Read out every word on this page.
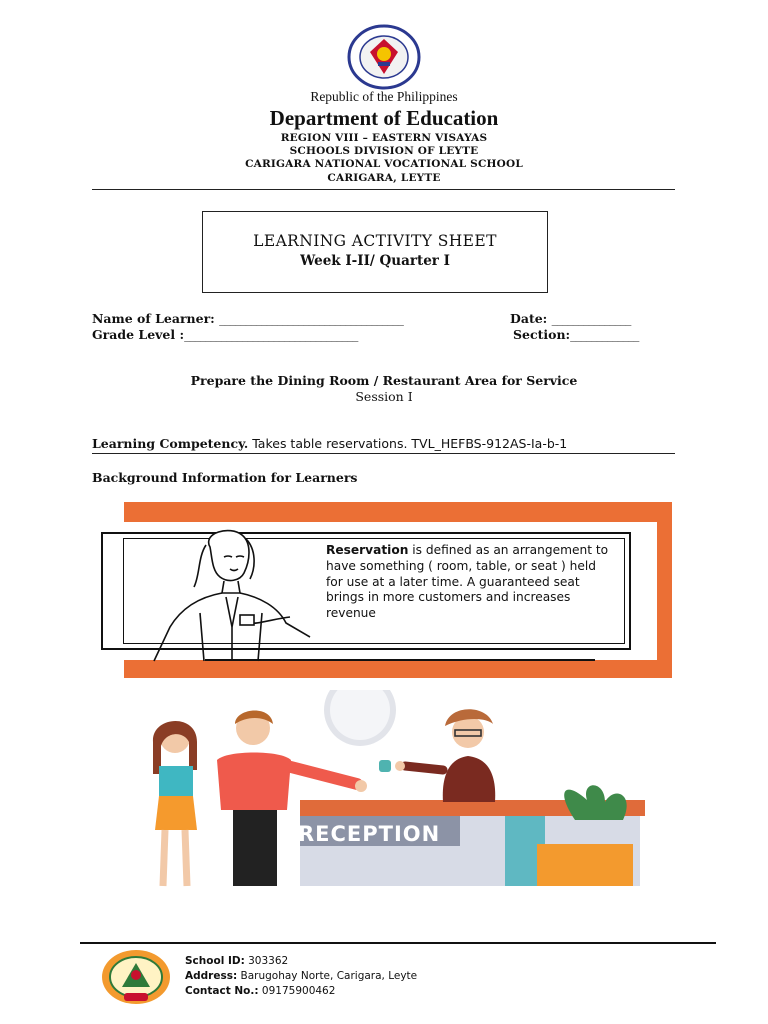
Republic of the Philippines
Department of Education
REGION VIII – EASTERN VISAYAS
SCHOOLS DIVISION OF LEYTE
CARIGARA NATIONAL VOCATIONAL SCHOOL
CARIGARA, LEYTE
LEARNING ACTIVITY SHEET
Week I-II/ Quarter I
Name of Learner: ___________________________________	Date: _______________
Grade Level :_________________________________	Section:_____________
Prepare the Dining Room / Restaurant Area for Service
Session I
Learning Competency. Takes table reservations. TVL_HEFBS-912AS-Ia-b-1
Background Information for Learners
Reservation is defined as an arrangement to have something ( room, table, or seat ) held for use at a later time. A guaranteed seat brings in more customers and increases revenue
RECEPTION
School ID: 303362
Address: Barugohay Norte, Carigara, Leyte
Contact No.: 09175900462
